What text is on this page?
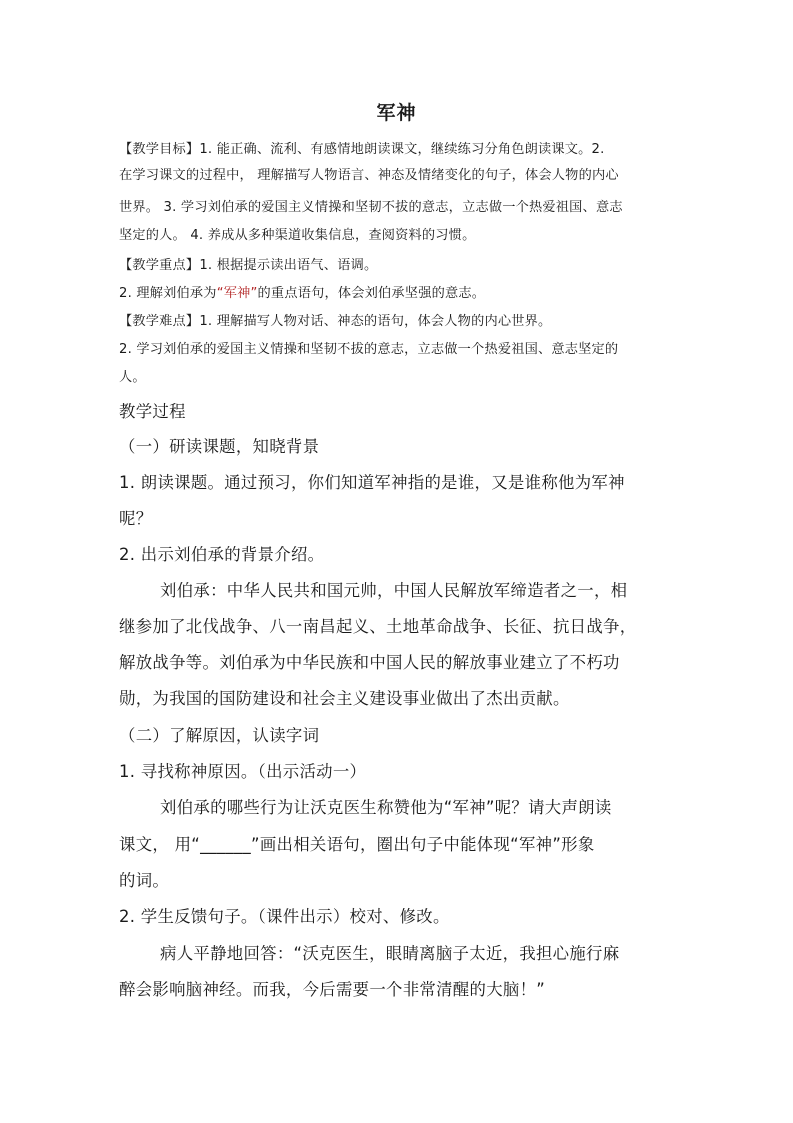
军神
【教学目标】1. 能正确、流利、有感情地朗读课文，继续练习分角色朗读课文。2.
在学习课文的过程中， 理解描写人物语言、神态及情绪变化的句子，体会人物的内心
世界。 3. 学习刘伯承的爱国主义情操和坚韧不拔的意志，立志做一个热爱祖国、意志
坚定的人。 4. 养成从多种渠道收集信息，查阅资料的习惯。
【教学重点】1. 根据提示读出语气、语调。
2. 理解刘伯承为“军神”的重点语句，体会刘伯承坚强的意志。
【教学难点】1. 理解描写人物对话、神态的语句，体会人物的内心世界。
2. 学习刘伯承的爱国主义情操和坚韧不拔的意志，立志做一个热爱祖国、意志坚定的
人。
教学过程
（一）研读课题，知晓背景
1. 朗读课题。通过预习，你们知道军神指的是谁，又是谁称他为军神
呢？
2. 出示刘伯承的背景介绍。
刘伯承：中华人民共和国元帅，中国人民解放军缔造者之一，相
继参加了北伐战争、八一南昌起义、土地革命战争、长征、抗日战争，
解放战争等。刘伯承为中华民族和中国人民的解放事业建立了不朽功
勋，为我国的国防建设和社会主义建设事业做出了杰出贡献。
（二）了解原因，认读字词
1. 寻找称神原因。（出示活动一）
刘伯承的哪些行为让沃克医生称赞他为“军神”呢？请大声朗读
课文， 用“______”画出相关语句，圈出句子中能体现“军神”形象
的词。
2. 学生反馈句子。（课件出示）校对、修改。
病人平静地回答：“沃克医生，眼睛离脑子太近，我担心施行麻
醉会影响脑神经。而我，今后需要一个非常清醒的大脑！”
